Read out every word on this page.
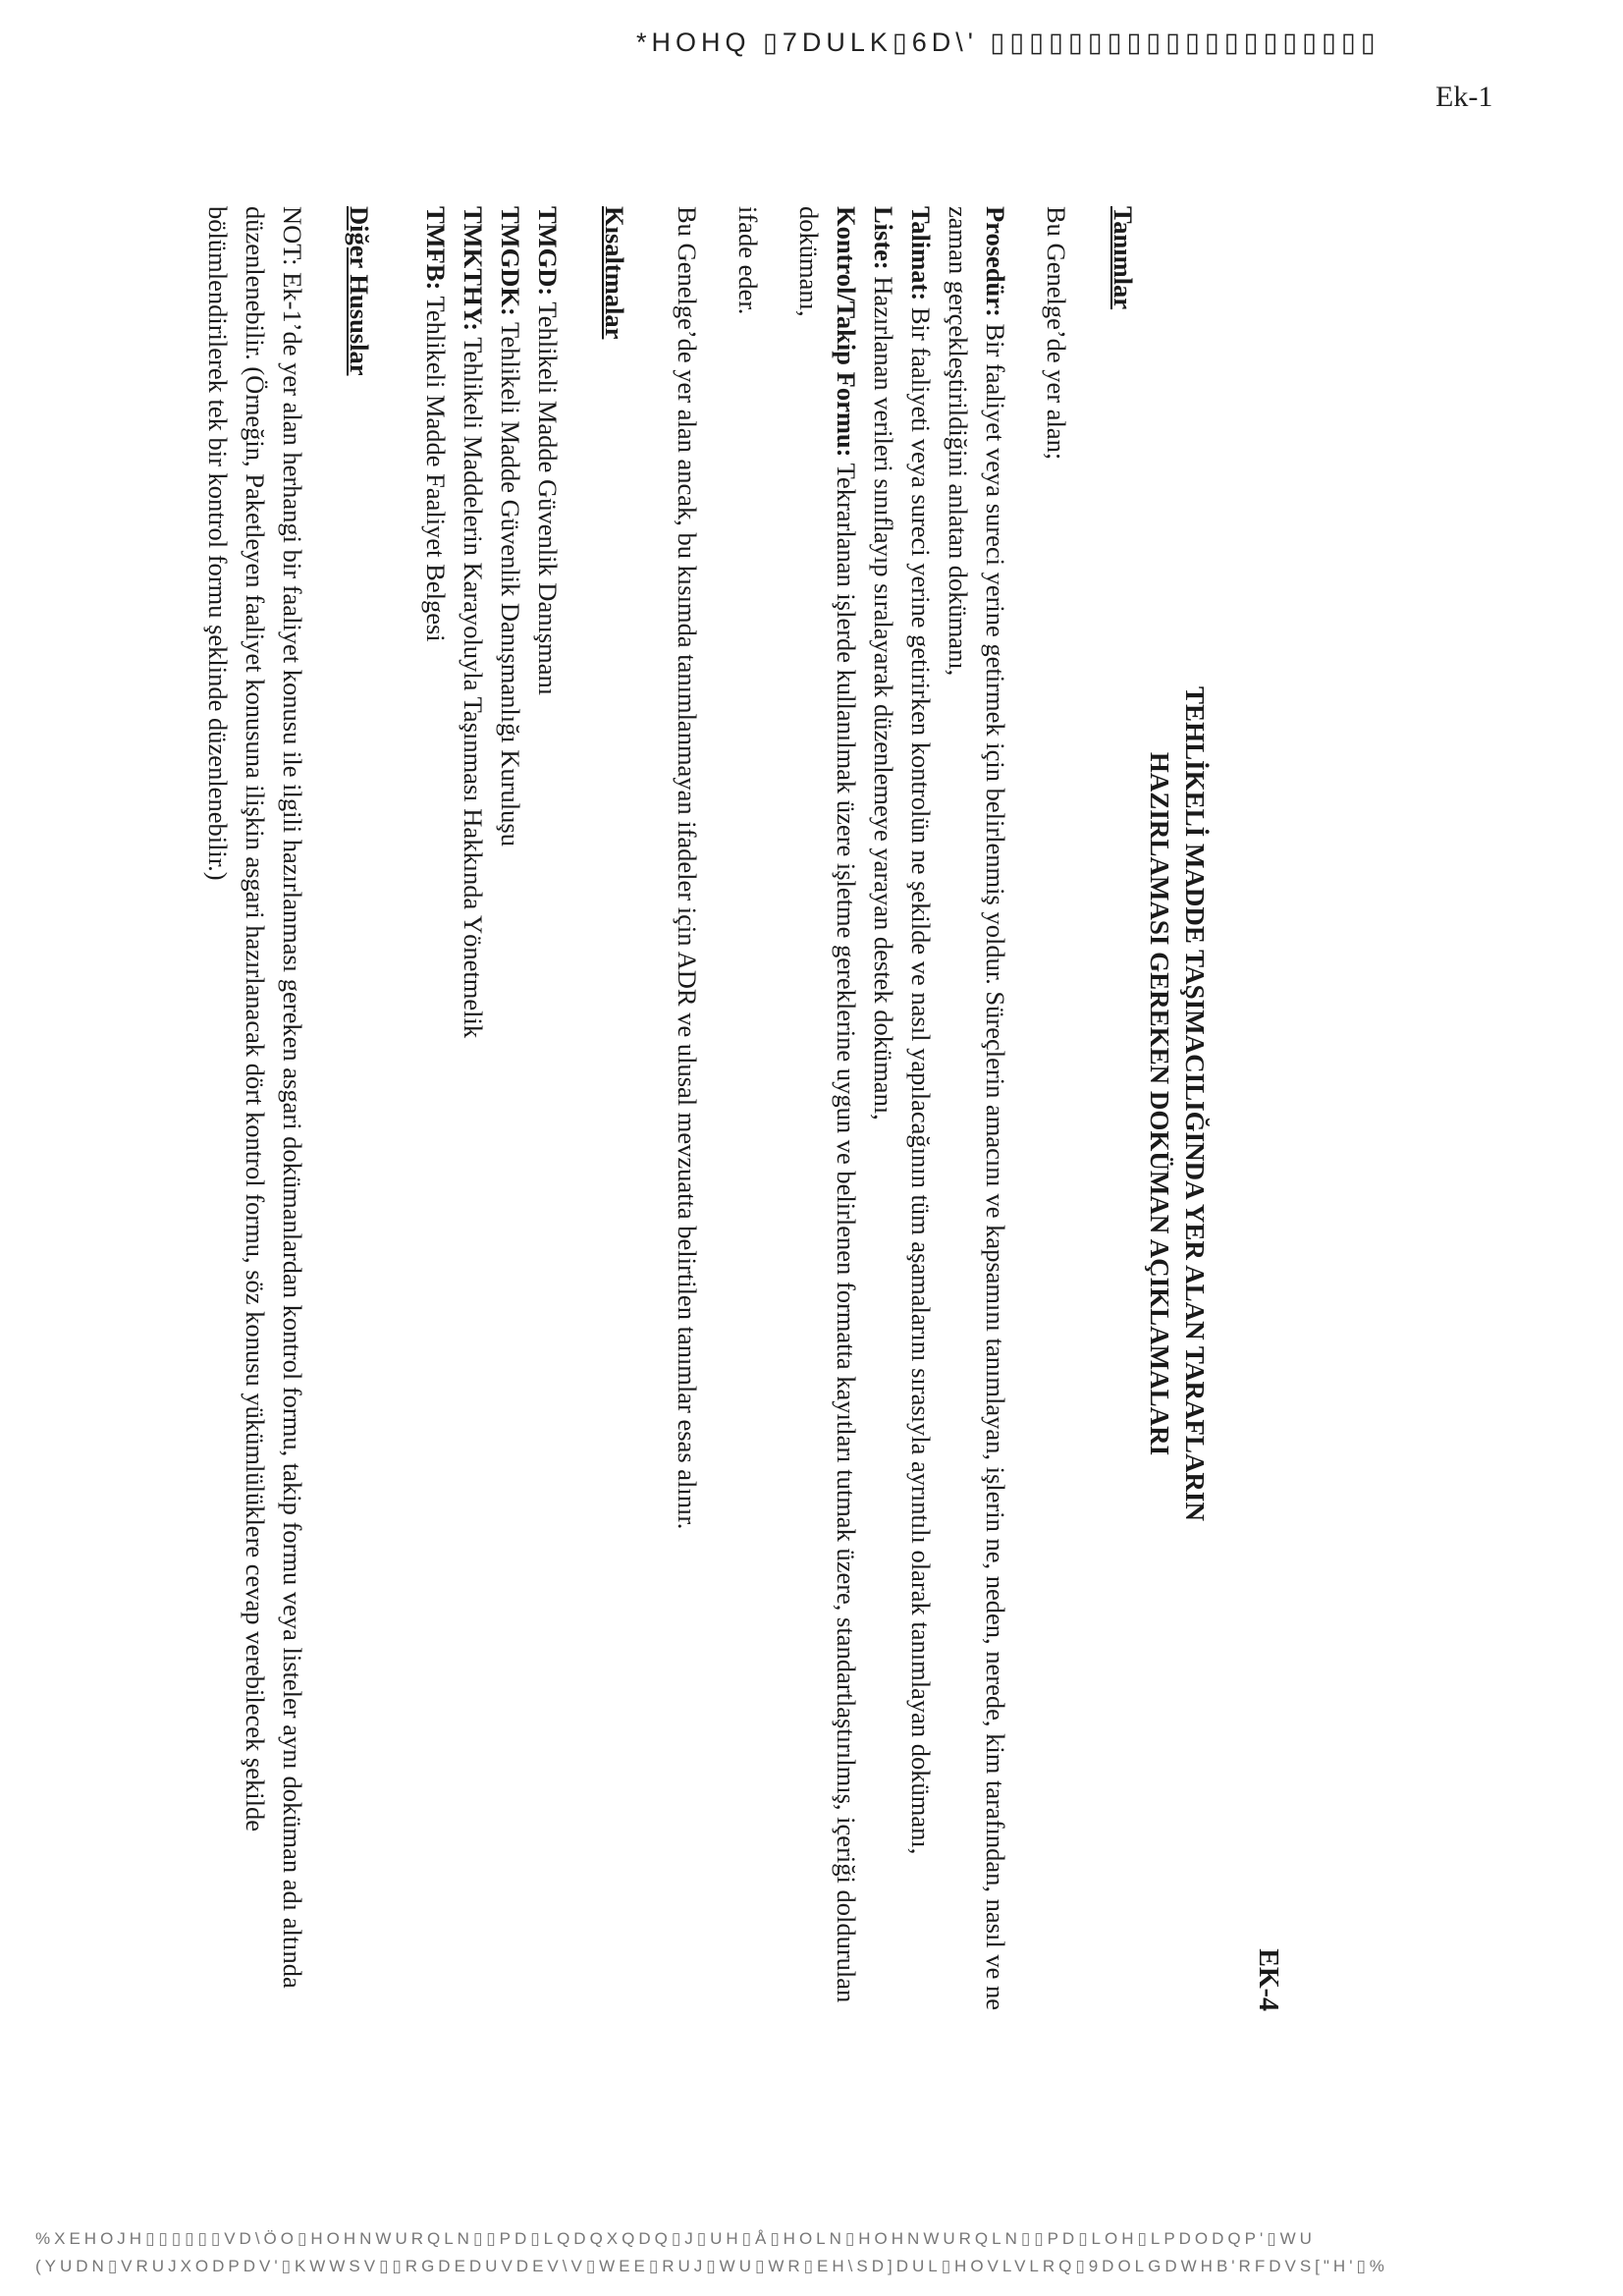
*HOHQ ▯7DULK▯6D\' ▯▯▯▯▯▯▯▯▯▯▯▯▯▯▯▯▯▯▯▯
Ek-1
EK-4
TEHLİKELİ MADDE TAŞIMACILIĞINDA YER ALAN TARAFLARIN
HAZIRLAMASI GEREKEN DOKÜMAN AÇIKLAMALARI

Tanımlar

Bu Genelge’de yer alan;

Prosedür: Bir faaliyet veya sureci yerine getirmek için belirlenmiş yoldur. Süreçlerin amacını ve kapsamını tanımlayan, işlerin ne, neden, nerede, kim tarafından, nasıl ve ne zaman gerçekleştirildiğini anlatan dokümanı,

Talimat: Bir faaliyeti veya sureci yerine getirirken kontrolün ne şekilde ve nasıl yapılacağının tüm aşamalarını sırasıyla ayrıntılı olarak tanımlayan dokümanı,

Liste: Hazırlanan verileri sınıflayıp sıralayarak düzenlemeye yarayan destek dokümanı,

Kontrol/Takip Formu: Tekrarlanan işlerde kullanılmak üzere işletme gereklerine uygun ve belirlenen formatta kayıtları tutmak üzere, standartlaştırılmış, içeriği doldurulan dokümanı,

ifade eder.

Bu Genelge’de yer alan ancak, bu kısımda tanımlanmayan ifadeler için ADR ve ulusal mevzuatta belirtilen tanımlar esas alınır.

Kısaltmalar

TMGD: Tehlikeli Madde Güvenlik Danışmanı

TMGDK: Tehlikeli Madde Güvenlik Danışmanlığı Kuruluşu

TMKTHY: Tehlikeli Maddelerin Karayoluyla Taşınması Hakkında Yönetmelik

TMFB: Tehlikeli Madde Faaliyet Belgesi

Diğer Hususlar

NOT: Ek-1’de yer alan herhangi bir faaliyet konusu ile ilgili hazırlanması gereken asgari dokümanlardan kontrol formu, takip formu veya listeler aynı doküman adı altında düzenlenebilir. (Örneğin, Paketleyen faaliyet konusuna ilişkin asgari hazırlanacak dört kontrol formu, söz konusu yükümlülüklere cevap verebilecek şekilde bölümlendirilerek tek bir kontrol formu şeklinde düzenlenebilir.)

%XEHOJH▯▯▯▯▯▯VD\ÖO▯HOHNWURQLN▯▯PD▯LQDQXQDQ▯J▯UH▯Å▯HOLN▯HOHNWURQLN▯▯PD▯LOH▯LPDODQP'▯WU
(YUDN▯VRUJXODPDV'▯KWWSV▯▯RGDEDUVDEV\V▯WEE▯RUJ▯WU▯WR▯EH\SD]DUL▯HOVLVLRQ▯9DOLGDWHB'RFDVS["H'▯%
